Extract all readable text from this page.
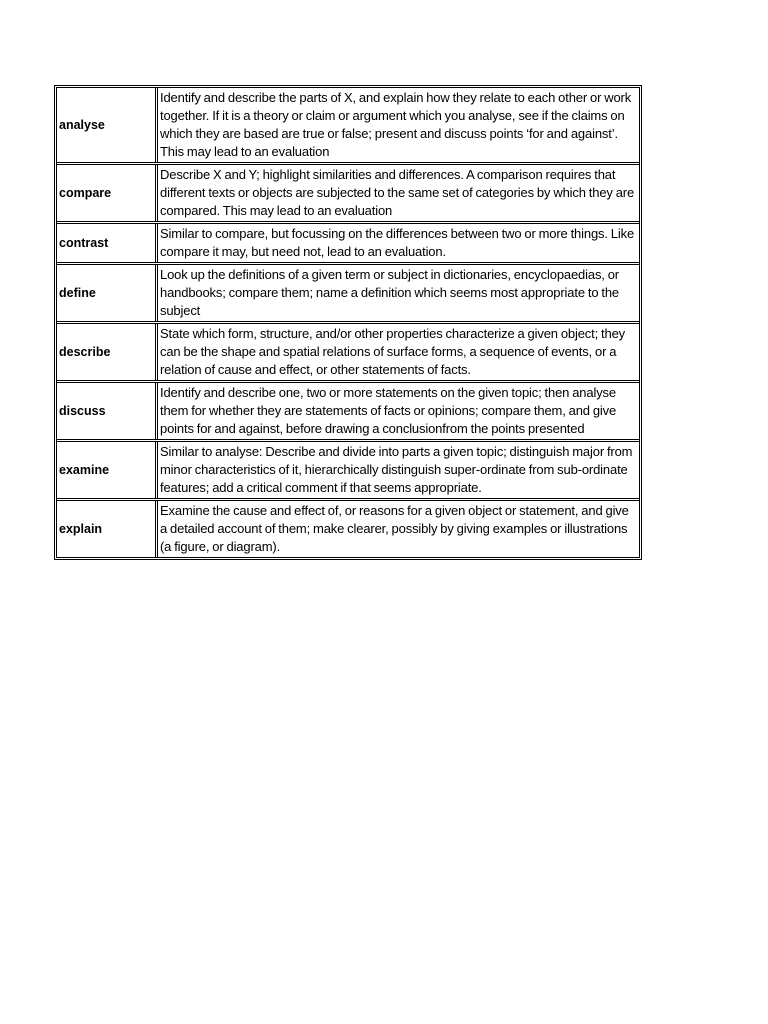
analyse
Identify and describe the parts of X, and explain how they relate to each other or work together. If it is a theory or claim or argument which you analyse, see if the claims on which they are based are true or false; present and discuss points ‘for and against’. This may lead to an evaluation
compare
Describe X and Y; highlight similarities and differences. A comparison requires that different texts or objects are subjected to the same set of categories by which they are compared. This may lead to an evaluation
contrast
Similar to compare, but focussing on the differences between two or more things. Like compare it may, but need not, lead to an evaluation.
define
Look up the definitions of a given term or subject in dictionaries, encyclopaedias, or handbooks; compare them; name a definition which seems most appropriate to the subject
describe
State which form, structure, and/or other properties characterize a given object; they can be the shape and spatial relations of surface forms, a sequence of events, or a relation of cause and effect, or other statements of facts.
discuss
Identify and describe one, two or more statements on the given topic; then analyse them for whether they are statements of facts or opinions; compare them, and give points for and against, before drawing a conclusionfrom the points presented
examine
Similar to analyse: Describe and divide into parts a given topic; distinguish major from minor characteristics of it, hierarchically distinguish super-ordinate from sub-ordinate features; add a critical comment if that seems appropriate.
explain
Examine the cause and effect of, or reasons for a given object or statement, and give a detailed account of them; make clearer, possibly by giving examples or illustrations (a figure, or diagram).
